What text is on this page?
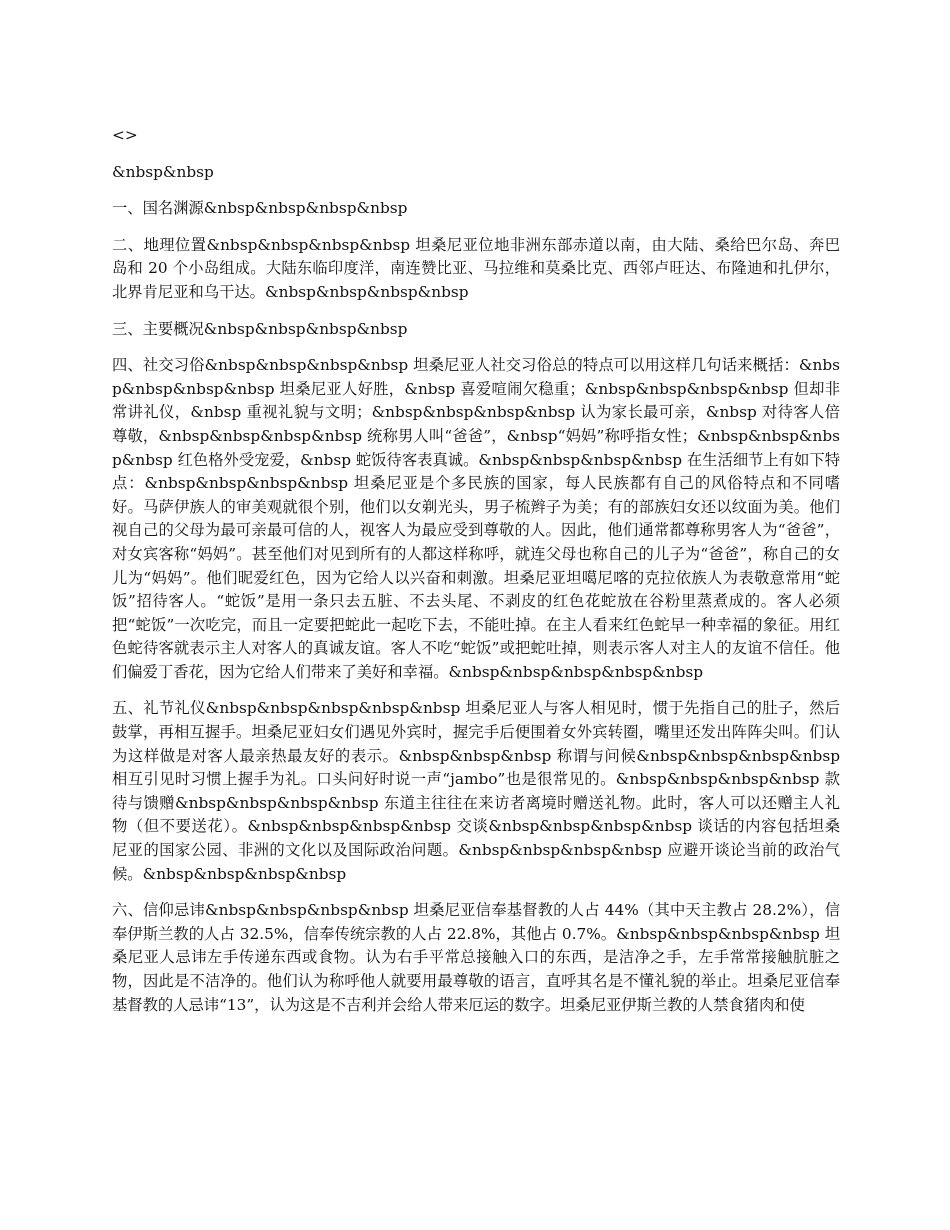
<>

&nbsp&nbsp

一、国名渊源&nbsp&nbsp&nbsp&nbsp

二、地理位置&nbsp&nbsp&nbsp&nbsp 坦桑尼亚位地非洲东部赤道以南，由大陆、桑给巴尔岛、奔巴岛和 20 个小岛组成。大陆东临印度洋，南连赞比亚、马拉维和莫桑比克、西邻卢旺达、布隆迪和扎伊尔，北界肯尼亚和乌干达。&nbsp&nbsp&nbsp&nbsp

三、主要概况&nbsp&nbsp&nbsp&nbsp

四、社交习俗&nbsp&nbsp&nbsp&nbsp 坦桑尼亚人社交习俗总的特点可以用这样几句话来概括：&nbsp&nbsp&nbsp&nbsp 坦桑尼亚人好胜，&nbsp 喜爱喧闹欠稳重；&nbsp&nbsp&nbsp&nbsp 但却非常讲礼仪，&nbsp 重视礼貌与文明；&nbsp&nbsp&nbsp&nbsp 认为家长最可亲，&nbsp 对待客人倍尊敬，&nbsp&nbsp&nbsp&nbsp 统称男人叫“爸爸”，&nbsp“妈妈”称呼指女性；&nbsp&nbsp&nbsp&nbsp 红色格外受宠爱，&nbsp 蛇饭待客表真诚。&nbsp&nbsp&nbsp&nbsp 在生活细节上有如下特点：&nbsp&nbsp&nbsp&nbsp 坦桑尼亚是个多民族的国家，每人民族都有自己的风俗特点和不同嗜好。马萨伊族人的审美观就很个别，他们以女剃光头，男子梳辫子为美；有的部族妇女还以纹面为美。他们视自己的父母为最可亲最可信的人，视客人为最应受到尊敬的人。因此，他们通常都尊称男客人为“爸爸”，对女宾客称“妈妈”。甚至他们对见到所有的人都这样称呼，就连父母也称自己的儿子为“爸爸”，称自己的女儿为“妈妈”。他们昵爱红色，因为它给人以兴奋和刺激。坦桑尼亚坦噶尼喀的克拉依族人为表敬意常用“蛇饭”招待客人。“蛇饭”是用一条只去五脏、不去头尾、不剥皮的红色花蛇放在谷粉里蒸煮成的。客人必须把“蛇饭”一次吃完，而且一定要把蛇此一起吃下去，不能吐掉。在主人看来红色蛇早一种幸福的象征。用红色蛇待客就表示主人对客人的真诚友谊。客人不吃“蛇饭”或把蛇吐掉，则表示客人对主人的友谊不信任。他们偏爱丁香花，因为它给人们带来了美好和幸福。&nbsp&nbsp&nbsp&nbsp&nbsp

五、礼节礼仪&nbsp&nbsp&nbsp&nbsp&nbsp 坦桑尼亚人与客人相见时，惯于先指自己的肚子，然后鼓掌，再相互握手。坦桑尼亚妇女们遇见外宾时，握完手后便围着女外宾转圈，嘴里还发出阵阵尖叫。们认为这样做是对客人最亲热最友好的表示。&nbsp&nbsp&nbsp 称谓与问候&nbsp&nbsp&nbsp&nbsp 相互引见时习惯上握手为礼。口头问好时说一声“jambo”也是很常见的。&nbsp&nbsp&nbsp&nbsp 款待与馈赠&nbsp&nbsp&nbsp&nbsp 东道主往往在来访者离境时赠送礼物。此时，客人可以还赠主人礼物（但不要送花）。&nbsp&nbsp&nbsp&nbsp 交谈&nbsp&nbsp&nbsp&nbsp 谈话的内容包括坦桑尼亚的国家公园、非洲的文化以及国际政治问题。&nbsp&nbsp&nbsp&nbsp 应避开谈论当前的政治气候。&nbsp&nbsp&nbsp&nbsp

六、信仰忌讳&nbsp&nbsp&nbsp&nbsp 坦桑尼亚信奉基督教的人占 44%（其中天主教占 28.2%），信奉伊斯兰教的人占 32.5%，信奉传统宗教的人占 22.8%，其他占 0.7%。&nbsp&nbsp&nbsp&nbsp 坦桑尼亚人忌讳左手传递东西或食物。认为右手平常总接触入口的东西，是洁净之手，左手常常接触肮脏之物，因此是不洁净的。他们认为称呼他人就要用最尊敬的语言，直呼其名是不懂礼貌的举止。坦桑尼亚信奉基督教的人忌讳“13”，认为这是不吉利并会给人带来厄运的数字。坦桑尼亚伊斯兰教的人禁食猪肉和使
